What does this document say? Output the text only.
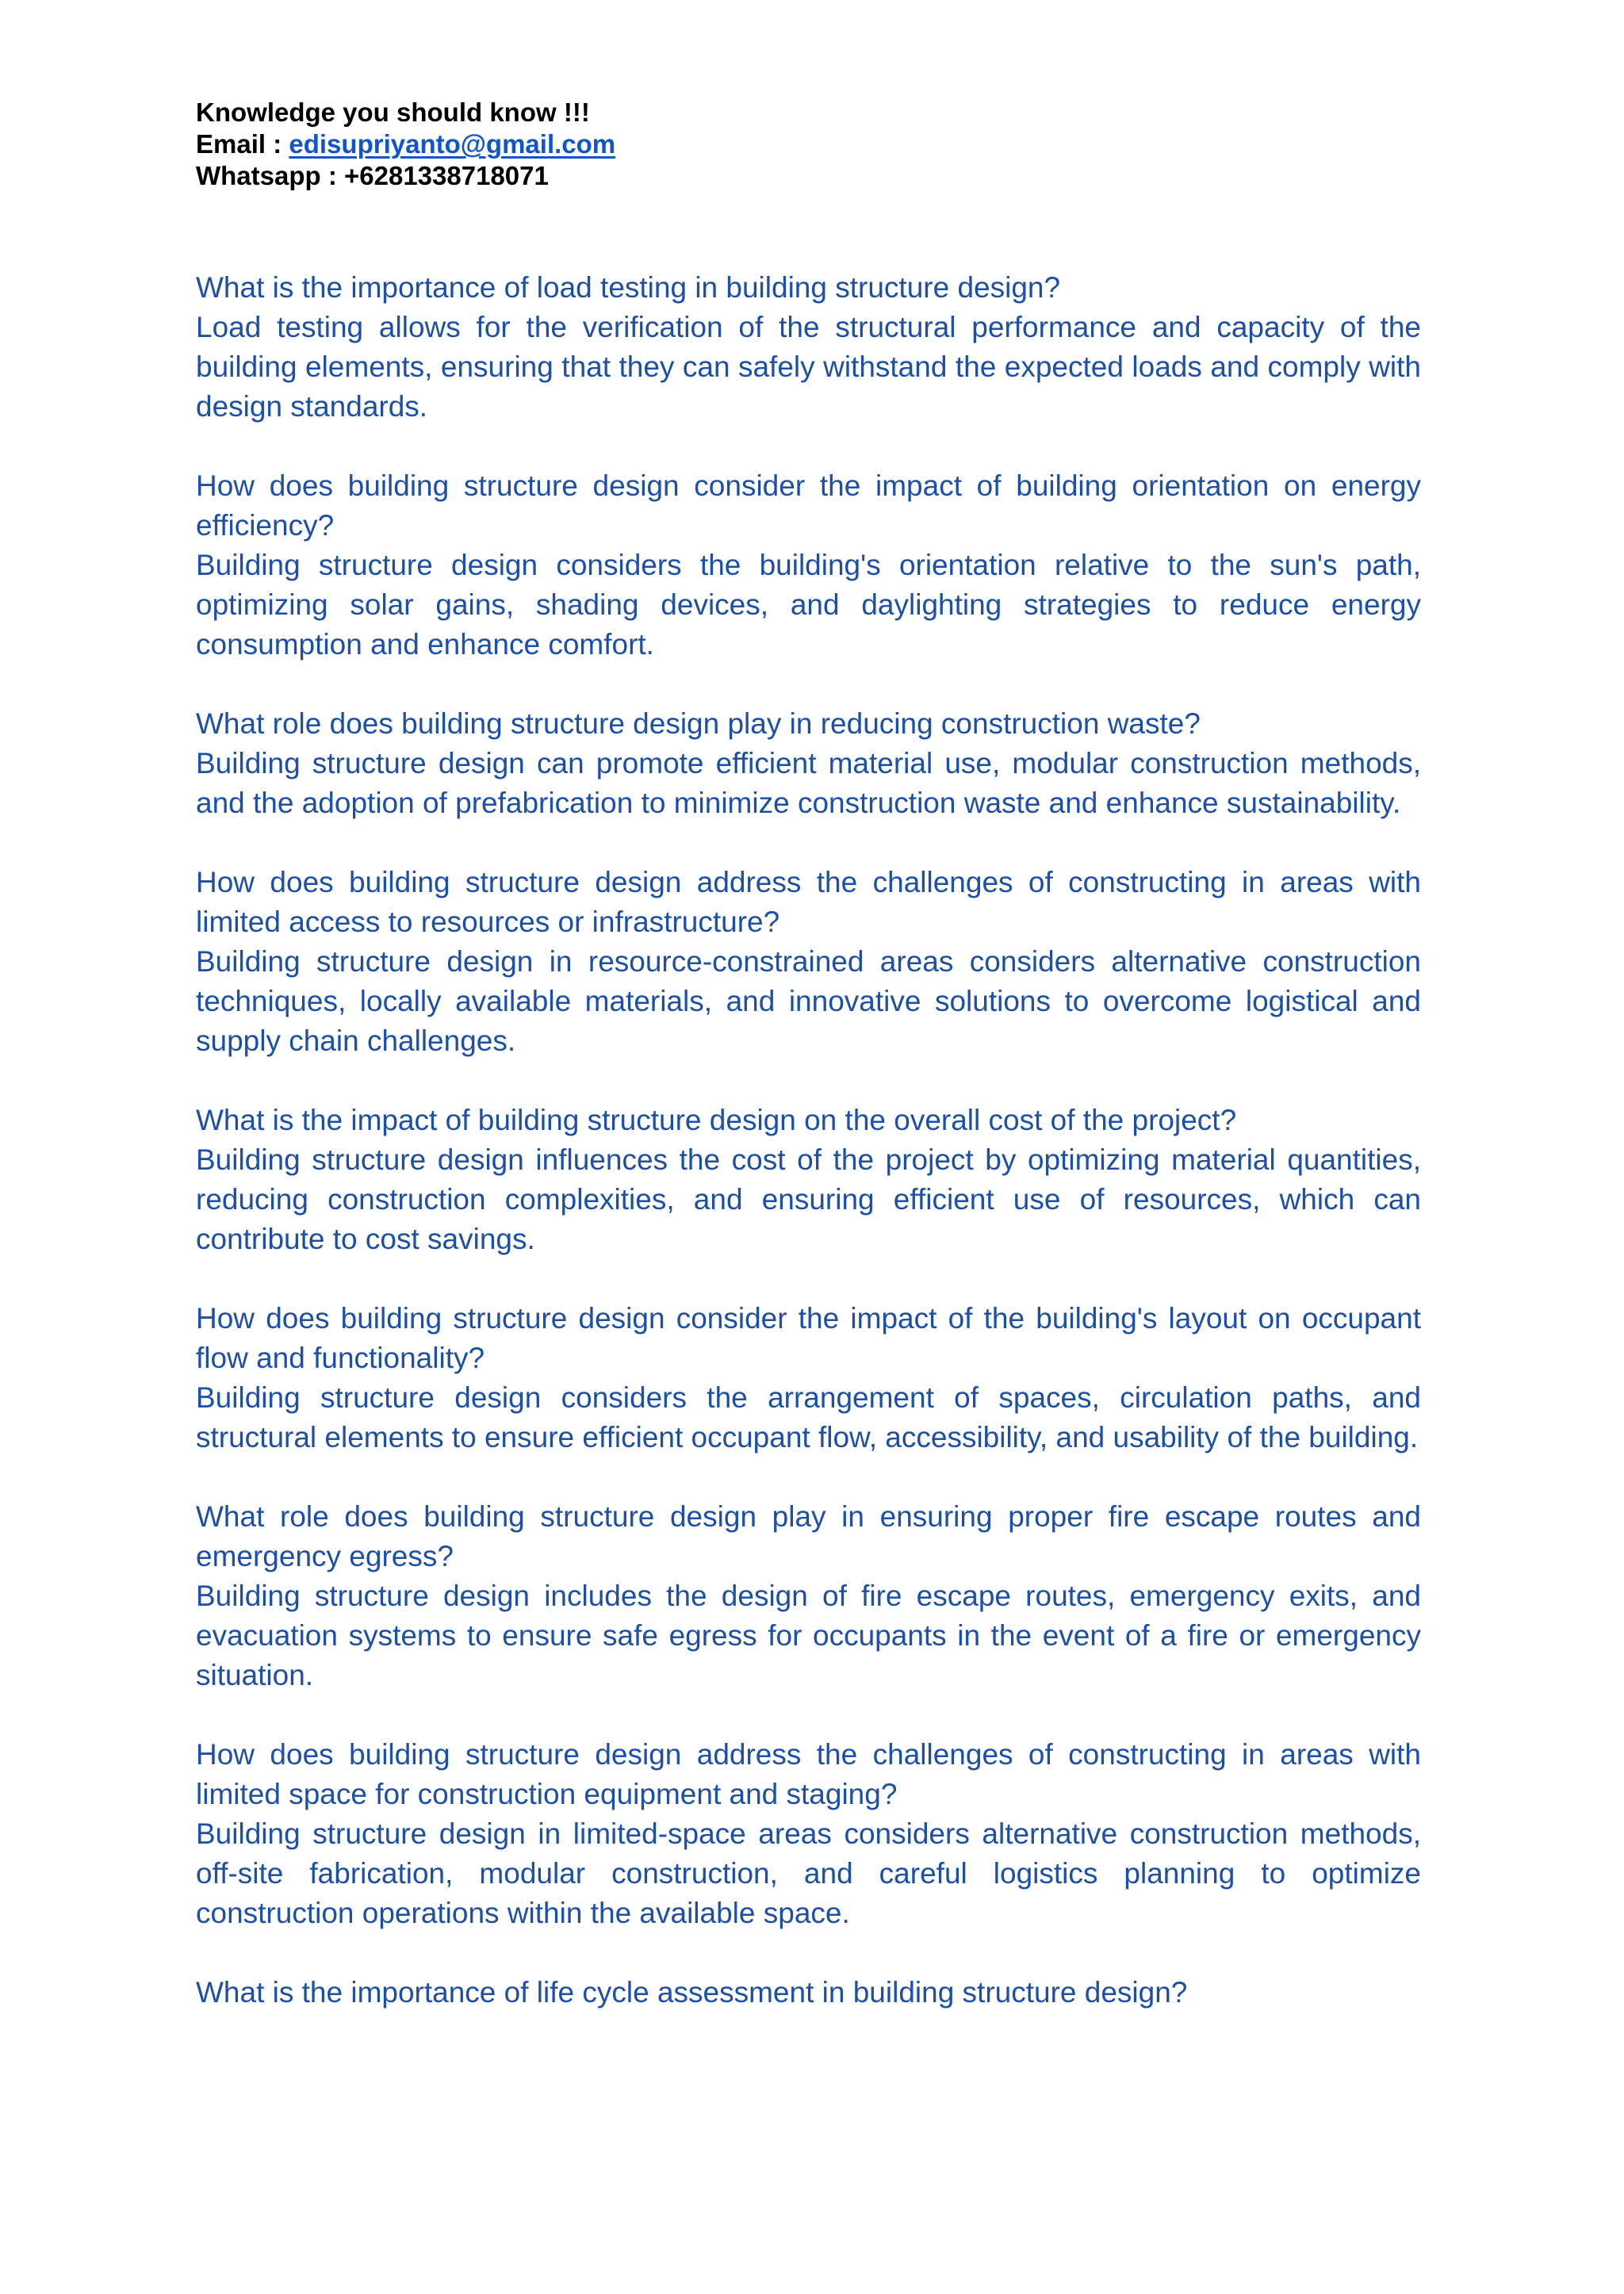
Knowledge you should know !!!
Email : edisupriyanto@gmail.com
Whatsapp : +6281338718071

What is the importance of load testing in building structure design?

Load testing allows for the verification of the structural performance and capacity of the building elements, ensuring that they can safely withstand the expected loads and comply with design standards.

How does building structure design consider the impact of building orientation on energy efficiency?

Building structure design considers the building's orientation relative to the sun's path, optimizing solar gains, shading devices, and daylighting strategies to reduce energy consumption and enhance comfort.

What role does building structure design play in reducing construction waste?

Building structure design can promote efficient material use, modular construction methods, and the adoption of prefabrication to minimize construction waste and enhance sustainability.

How does building structure design address the challenges of constructing in areas with limited access to resources or infrastructure?

Building structure design in resource-constrained areas considers alternative construction techniques, locally available materials, and innovative solutions to overcome logistical and supply chain challenges.

What is the impact of building structure design on the overall cost of the project?

Building structure design influences the cost of the project by optimizing material quantities, reducing construction complexities, and ensuring efficient use of resources, which can contribute to cost savings.

How does building structure design consider the impact of the building's layout on occupant flow and functionality?

Building structure design considers the arrangement of spaces, circulation paths, and structural elements to ensure efficient occupant flow, accessibility, and usability of the building.

What role does building structure design play in ensuring proper fire escape routes and emergency egress?

Building structure design includes the design of fire escape routes, emergency exits, and evacuation systems to ensure safe egress for occupants in the event of a fire or emergency situation.

How does building structure design address the challenges of constructing in areas with limited space for construction equipment and staging?

Building structure design in limited-space areas considers alternative construction methods, off-site fabrication, modular construction, and careful logistics planning to optimize construction operations within the available space.

What is the importance of life cycle assessment in building structure design?
